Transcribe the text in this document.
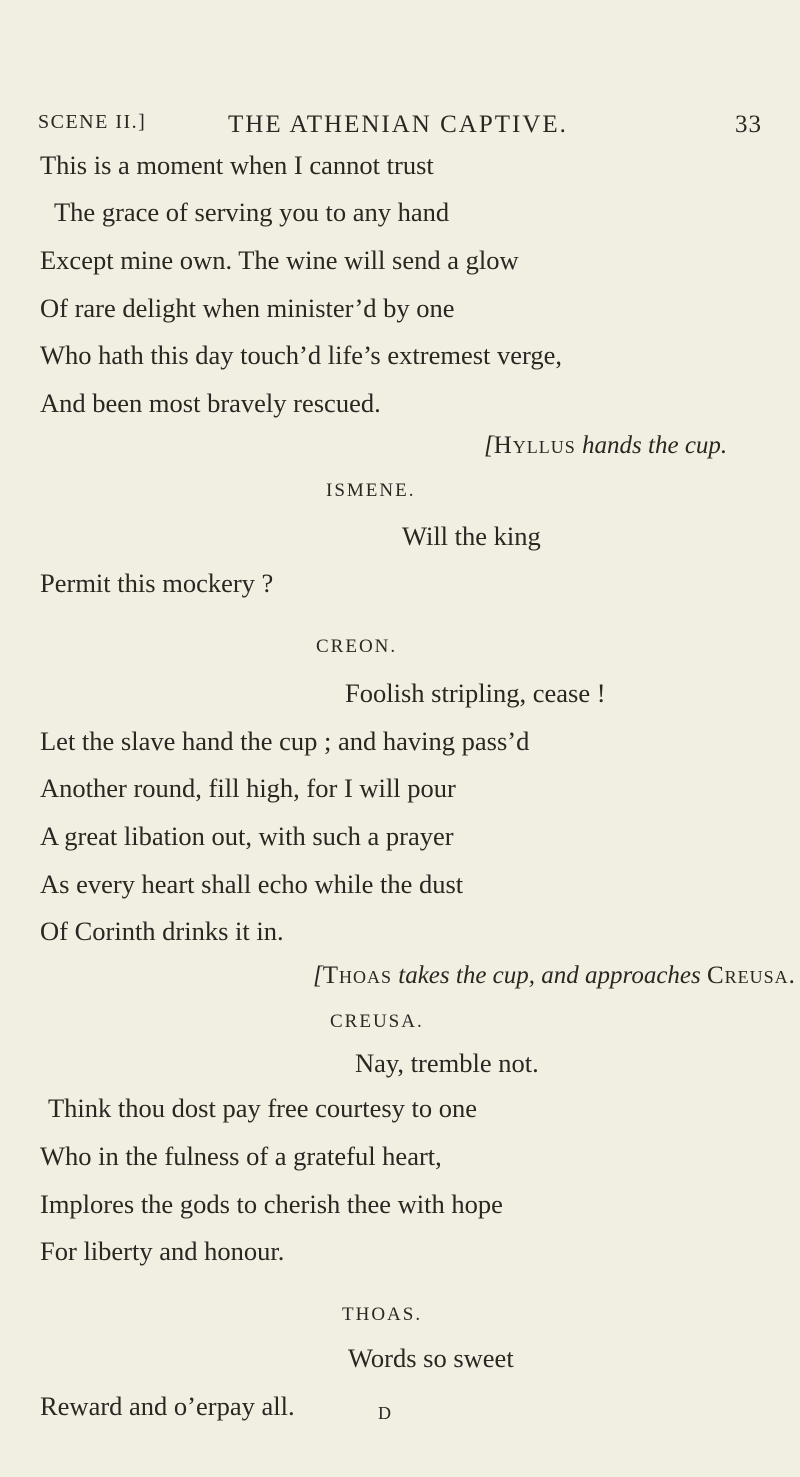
SCENE II.]	THE ATHENIAN CAPTIVE.	33
This is a moment when I cannot trust
The grace of serving you to any hand
Except mine own. The wine will send a glow
Of rare delight when minister’d by one
Who hath this day touch’d life’s extremest verge,
And been most bravely rescued.
[Hyllus hands the cup.
ISMENE.
Will the king
Permit this mockery ?
CREON.
Foolish stripling, cease !
Let the slave hand the cup ; and having pass’d
Another round, fill high, for I will pour
A great libation out, with such a prayer
As every heart shall echo while the dust
Of Corinth drinks it in.
[Thoas takes the cup, and approaches Creusa.
CREUSA.
Nay, tremble not.
Think thou dost pay free courtesy to one
Who in the fulness of a grateful heart,
Implores the gods to cherish thee with hope
For liberty and honour.
THOAS.
Words so sweet
Reward and o’erpay all.	D
